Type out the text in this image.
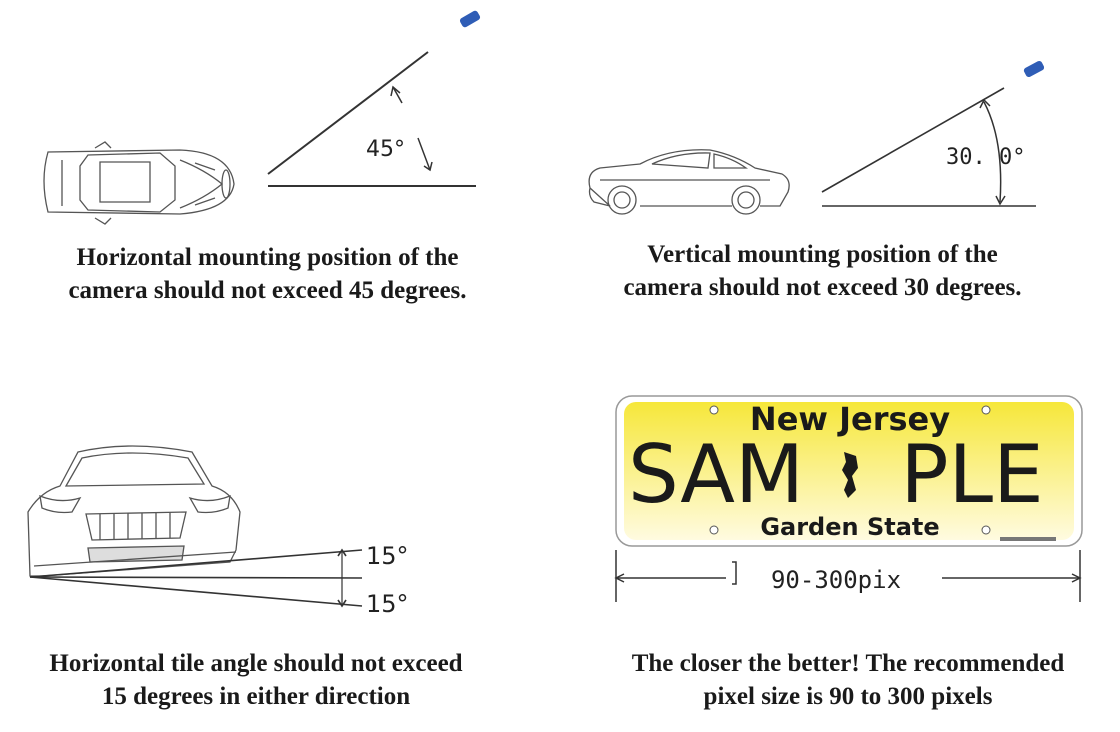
45°
Horizontal mounting position of the
camera should not exceed 45 degrees.
30. 0°
Vertical mounting position of the
camera should not exceed 30 degrees.
15°
15°
Horizontal tile angle should not exceed
15 degrees in either direction
New Jersey
SAM PLE
Garden State
90-300pix
The closer the better! The recommended
pixel size is 90 to 300 pixels
